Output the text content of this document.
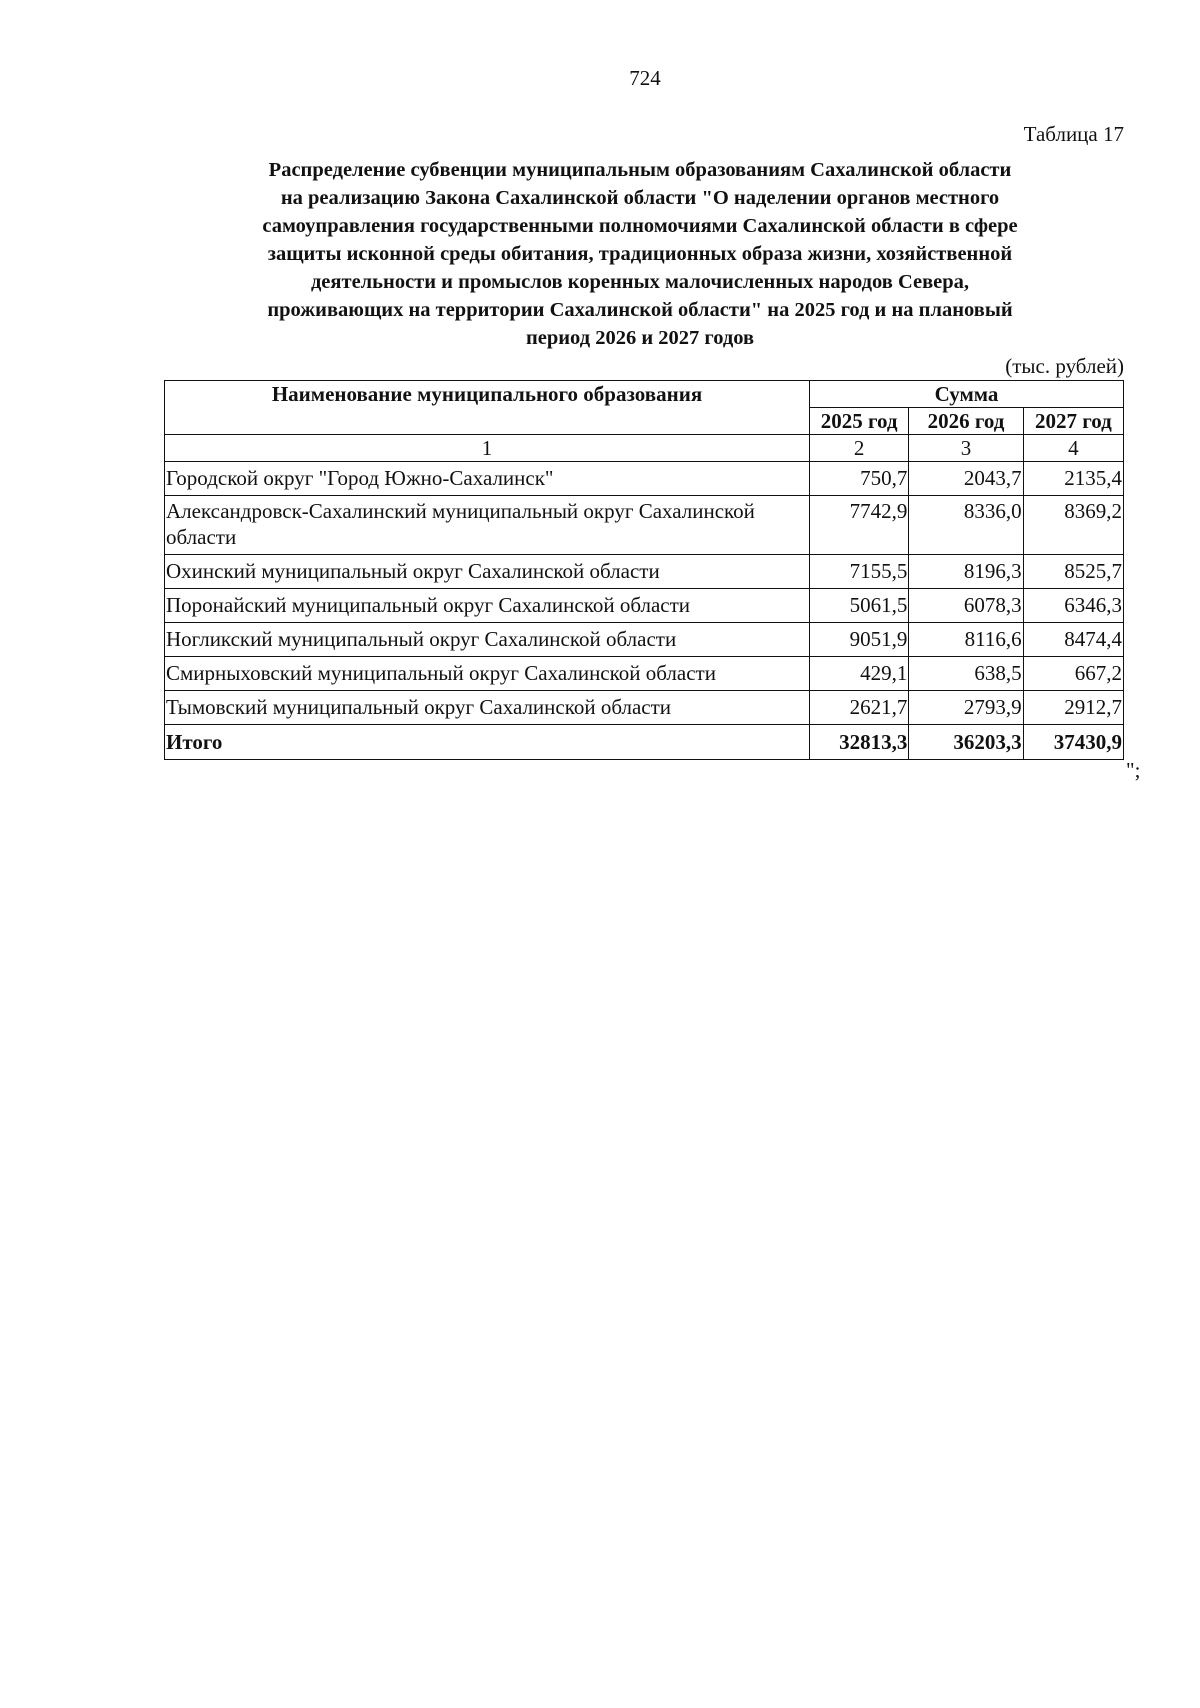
724
Таблица 17
Распределение субвенции муниципальным образованиям Сахалинской области
на реализацию Закона Сахалинской области "О наделении органов местного
самоуправления государственными полномочиями Сахалинской области в сфере
защиты исконной среды обитания, традиционных образа жизни, хозяйственной
деятельности и промыслов коренных малочисленных народов Севера,
проживающих на территории Сахалинской области" на 2025 год и на плановый
период 2026 и 2027 годов
(тыс. рублей)
Наименование муниципального образования	Сумма		
	2025 год	2026 год	2027 год
1	2	3	4
Городской округ "Город Южно-Сахалинск"	750,7	2043,7	2135,4
Александровск-Сахалинский муниципальный округ Сахалинской области	7742,9	8336,0	8369,2
Охинский муниципальный округ Сахалинской области	7155,5	8196,3	8525,7
Поронайский муниципальный округ Сахалинской области	5061,5	6078,3	6346,3
Ногликский муниципальный округ Сахалинской области	9051,9	8116,6	8474,4
Смирныховский муниципальный округ Сахалинской области	429,1	638,5	667,2
Тымовский муниципальный округ Сахалинской области	2621,7	2793,9	2912,7
Итого	32813,3	36203,3	37430,9
";
